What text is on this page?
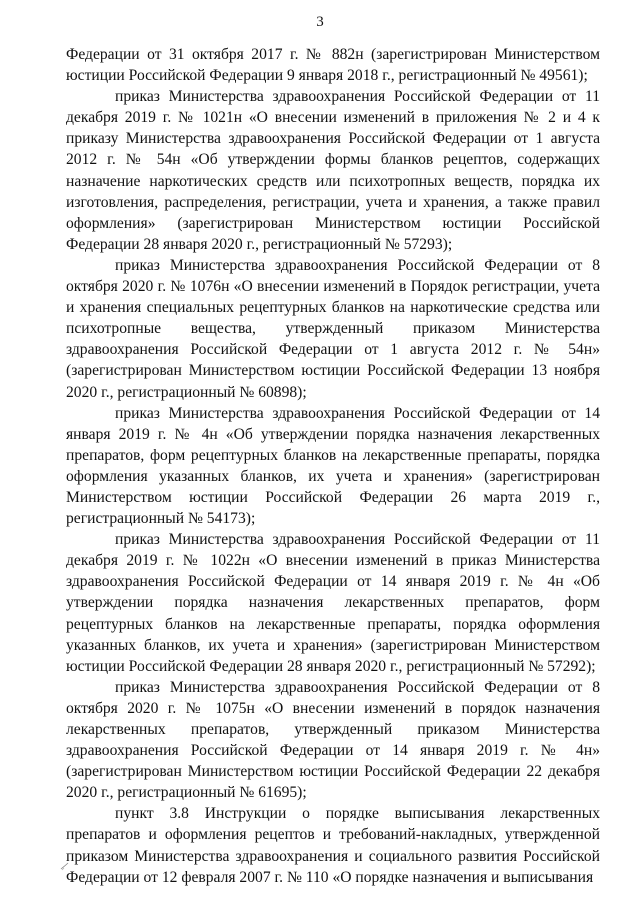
3

Федерации от 31 октября 2017 г. № 882н (зарегистрирован Министерством юстиции Российской Федерации 9 января 2018 г., регистрационный № 49561);

приказ Министерства здравоохранения Российской Федерации от 11 декабря 2019 г. № 1021н «О внесении изменений в приложения № 2 и 4 к приказу Министерства здравоохранения Российской Федерации от 1 августа 2012 г. № 54н «Об утверждении формы бланков рецептов, содержащих назначение наркотических средств или психотропных веществ, порядка их изготовления, распределения, регистрации, учета и хранения, а также правил оформления» (зарегистрирован Министерством юстиции Российской Федерации 28 января 2020 г., регистрационный № 57293);

приказ Министерства здравоохранения Российской Федерации от 8 октября 2020 г. № 1076н «О внесении изменений в Порядок регистрации, учета и хранения специальных рецептурных бланков на наркотические средства или психотропные вещества, утвержденный приказом Министерства здравоохранения Российской Федерации от 1 августа 2012 г. № 54н» (зарегистрирован Министерством юстиции Российской Федерации 13 ноября 2020 г., регистрационный № 60898);

приказ Министерства здравоохранения Российской Федерации от 14 января 2019 г. № 4н «Об утверждении порядка назначения лекарственных препаратов, форм рецептурных бланков на лекарственные препараты, порядка оформления указанных бланков, их учета и хранения» (зарегистрирован Министерством юстиции Российской Федерации 26 марта 2019 г., регистрационный № 54173);

приказ Министерства здравоохранения Российской Федерации от 11 декабря 2019 г. № 1022н «О внесении изменений в приказ Министерства здравоохранения Российской Федерации от 14 января 2019 г. № 4н «Об утверждении порядка назначения лекарственных препаратов, форм рецептурных бланков на лекарственные препараты, порядка оформления указанных бланков, их учета и хранения» (зарегистрирован Министерством юстиции Российской Федерации 28 января 2020 г., регистрационный № 57292);

приказ Министерства здравоохранения Российской Федерации от 8 октября 2020 г. № 1075н «О внесении изменений в порядок назначения лекарственных препаратов, утвержденный приказом Министерства здравоохранения Российской Федерации от 14 января 2019 г. № 4н» (зарегистрирован Министерством юстиции Российской Федерации 22 декабря 2020 г., регистрационный № 61695);

пункт 3.8 Инструкции о порядке выписывания лекарственных препаратов и оформления рецептов и требований-накладных, утвержденной приказом Министерства здравоохранения и социального развития Российской Федерации от 12 февраля 2007 г. № 110 «О порядке назначения и выписывания
